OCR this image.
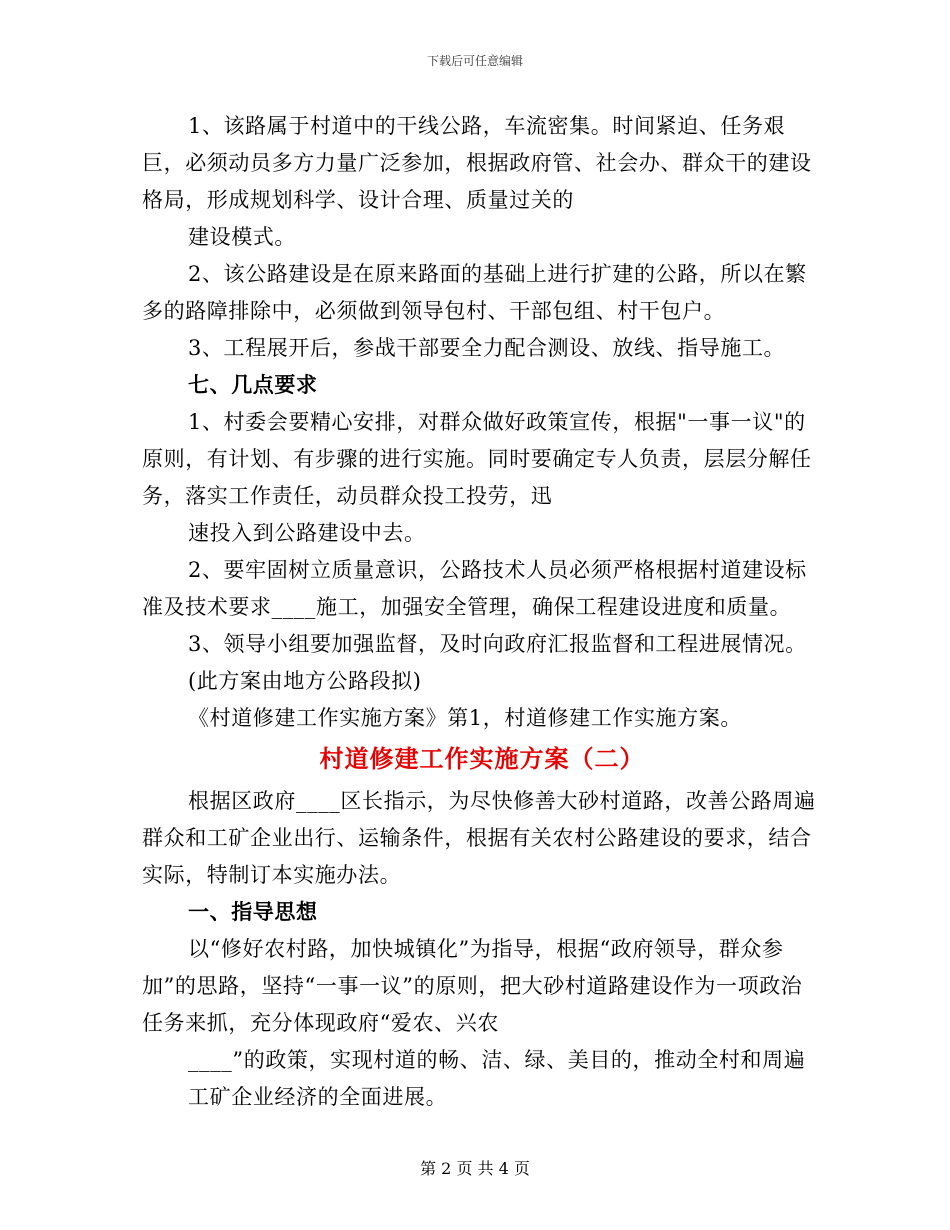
下载后可任意编辑

1、该路属于村道中的干线公路，车流密集。时间紧迫、任务艰巨，必须动员多方力量广泛参加，根据政府管、社会办、群众干的建设格局，形成规划科学、设计合理、质量过关的

建设模式。

2、该公路建设是在原来路面的基础上进行扩建的公路，所以在繁多的路障排除中，必须做到领导包村、干部包组、村干包户。

3、工程展开后，参战干部要全力配合测设、放线、指导施工。

七、几点要求

1、村委会要精心安排，对群众做好政策宣传，根据"一事一议"的原则，有计划、有步骤的进行实施。同时要确定专人负责，层层分解任务，落实工作责任，动员群众投工投劳，迅

速投入到公路建设中去。

2、要牢固树立质量意识，公路技术人员必须严格根据村道建设标准及技术要求____施工，加强安全管理，确保工程建设进度和质量。

3、领导小组要加强监督，及时向政府汇报监督和工程进展情况。

(此方案由地方公路段拟)

《村道修建工作实施方案》第1，村道修建工作实施方案。

村道修建工作实施方案（二）

根据区政府____区长指示，为尽快修善大砂村道路，改善公路周遍群众和工矿企业出行、运输条件，根据有关农村公路建设的要求，结合实际，特制订本实施办法。

一、指导思想

以“修好农村路，加快城镇化”为指导，根据“政府领导，群众参加”的思路，坚持“一事一议”的原则，把大砂村道路建设作为一项政治任务来抓，充分体现政府“爱农、兴农

____”的政策，实现村道的畅、洁、绿、美目的，推动全村和周遍工矿企业经济的全面进展。

第 2 页 共 4 页
